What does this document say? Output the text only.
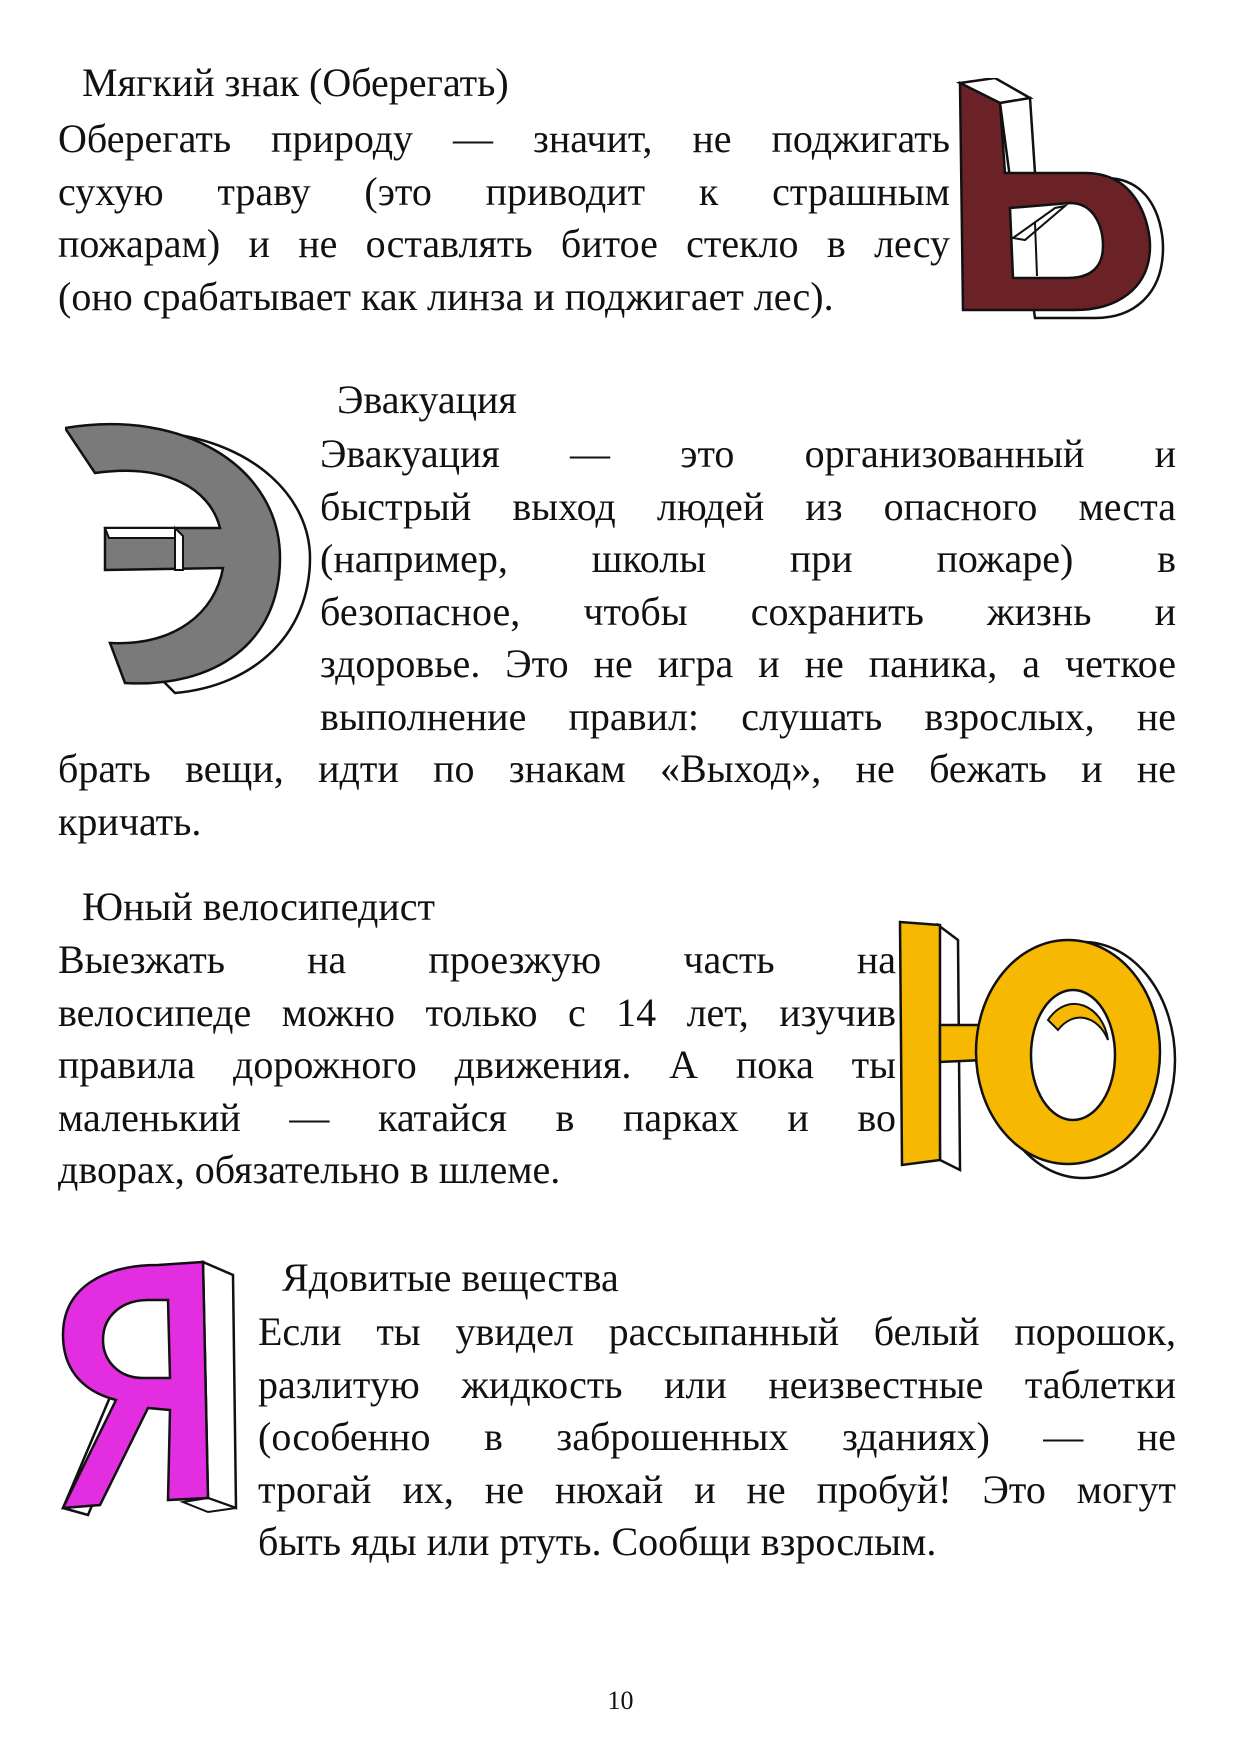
Мягкий знак (Оберегать)
Оберегать природу — значит, не поджигать
сухую траву (это приводит к страшным
пожарам) и не оставлять битое стекло в лесу
(оно срабатывает как линза и поджигает лес).
Эвакуация
Эвакуация — это организованный и
быстрый выход людей из опасного места
(например, школы при пожаре) в
безопасное, чтобы сохранить жизнь и
здоровье. Это не игра и не паника, а четкое
выполнение правил: слушать взрослых, не
брать вещи, идти по знакам «Выход», не бежать и не
кричать.
Юный велосипедист
Выезжать на проезжую часть на
велосипеде можно только с 14 лет, изучив
правила дорожного движения. А пока ты
маленький — катайся в парках и во
дворах, обязательно в шлеме.
Ядовитые вещества
Если ты увидел рассыпанный белый порошок,
разлитую жидкость или неизвестные таблетки
(особенно в заброшенных зданиях) — не
трогай их, не нюхай и не пробуй! Это могут
быть яды или ртуть. Сообщи взрослым.
10
